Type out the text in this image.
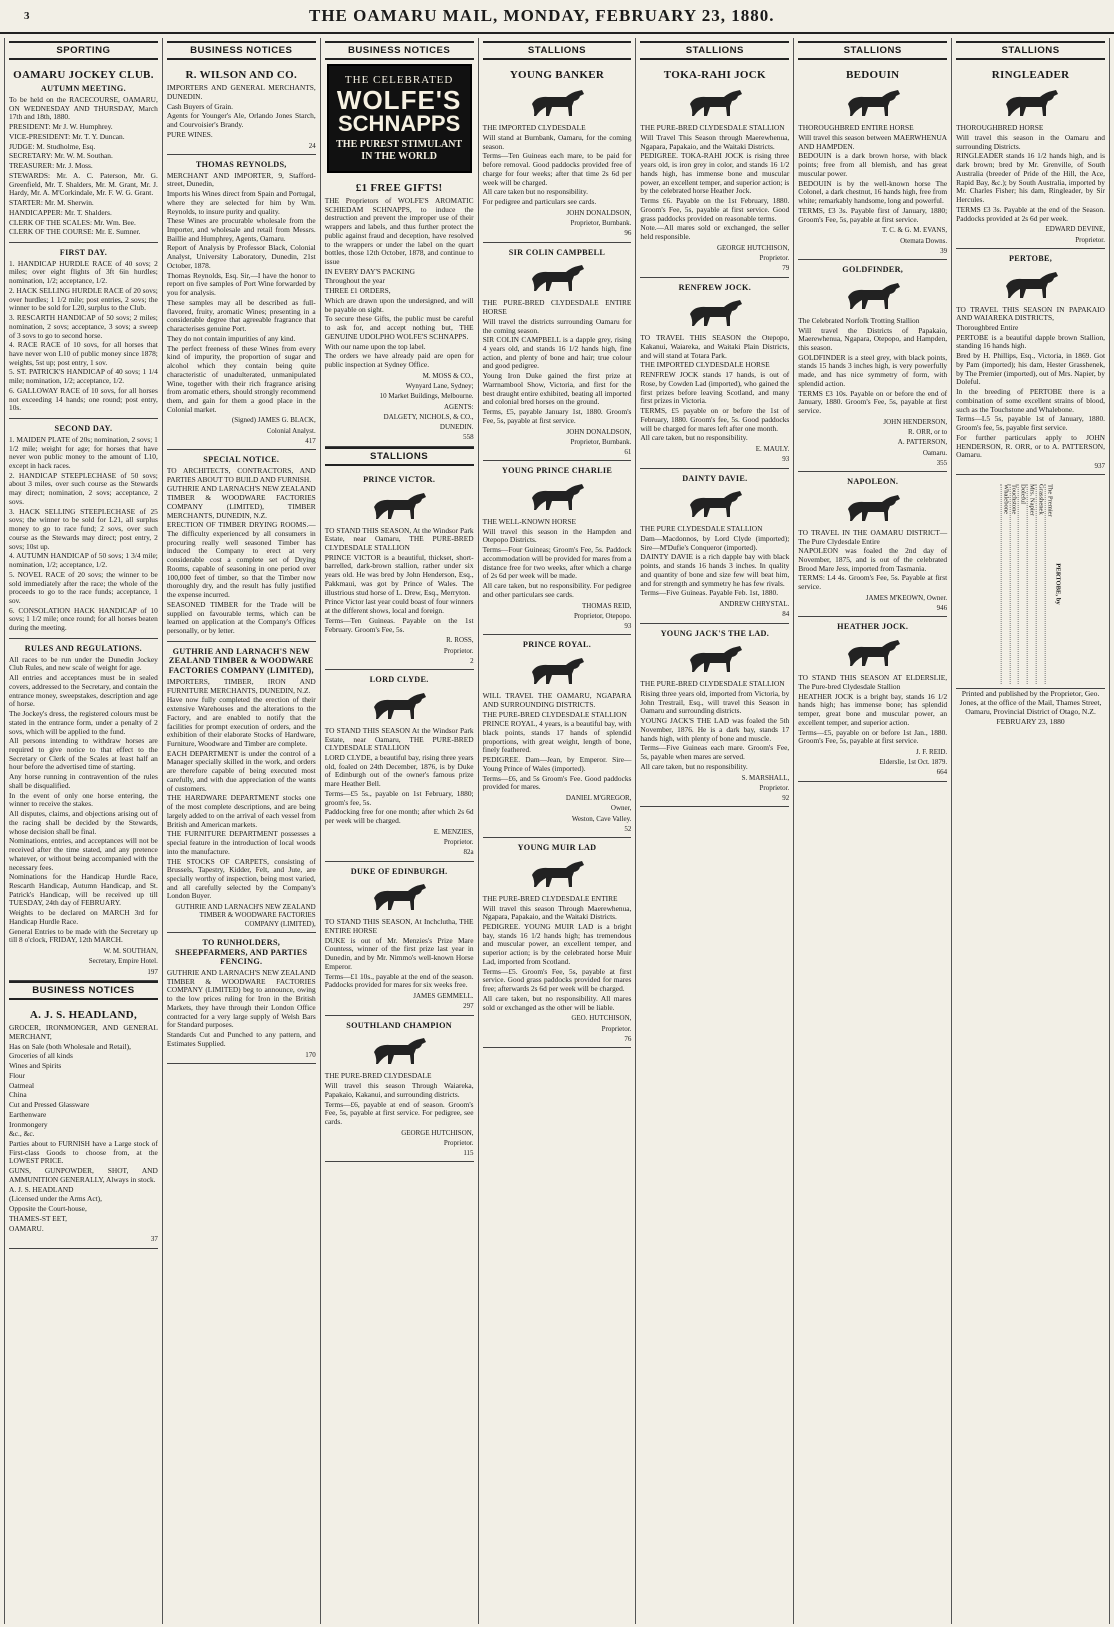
3	THE OAMARU MAIL, MONDAY, FEBRUARY 23, 1880.
SPORTING
OAMARU JOCKEY CLUB.
AUTUMN MEETING.
To be held on the RACECOURSE, OAMARU, ON WEDNESDAY AND THURSDAY, March 17th and 18th, 1880.
PRESIDENT: Mr J. W. Humphrey.
VICE-PRESIDENT: Mr. T. Y. Duncan.
JUDGE: M. Studholme, Esq.
SECRETARY: Mr. W. M. Southan.
TREASURER: Mr. J. Moss.
STEWARDS: Mr. A. C. Paterson, Mr. G. Greenfield, Mr. T. Shalders, Mr. M. Grant, Mr. J. Hardy, Mr. A. M'Corkindale, Mr. F. W. G. Grant.
STARTER: Mr. M. Sherwin.
HANDICAPPER: Mr. T. Shalders.
CLERK OF THE SCALES: Mr. Wm. Bee.
CLERK OF THE COURSE: Mr. E. Sumner.
FIRST DAY.
1. HANDICAP HURDLE RACE of 40 sovs; 2 miles; over eight flights of 3ft 6in hurdles; nomination, 1/2; acceptance, 1/2.
2. HACK SELLING HURDLE RACE of 20 sovs; over hurdles; 1 1/2 mile; post entries, 2 sovs; the winner to be sold for L20, surplus to the Club.
3. RESCARTH HANDICAP of 50 sovs; 2 miles; nomination, 2 sovs; acceptance, 3 sovs; a sweep of 3 sovs to go to second horse.
4. RACE RACE of 10 sovs, for all horses that have never won L10 of public money since 1878; weights, 5st up; post entry, 1 sov.
5. ST. PATRICK'S HANDICAP of 40 sovs; 1 1/4 mile; nomination, 1/2; acceptance, 1/2.
6. GALLOWAY RACE of 10 sovs, for all horses not exceeding 14 hands; one round; post entry, 10s.
SECOND DAY.
1. MAIDEN PLATE of 20s; nomination, 2 sovs; 1 1/2 mile; weight for age; for horses that have never won public money to the amount of L10, except in hack races.
2. HANDICAP STEEPLECHASE of 50 sovs; about 3 miles, over such course as the Stewards may direct; nomination, 2 sovs; acceptance, 2 sovs.
3. HACK SELLING STEEPLECHASE of 25 sovs; the winner to be sold for L21, all surplus money to go to race fund; 2 sovs, over such course as the Stewards may direct; post entry, 2 sovs; 10st up.
4. AUTUMN HANDICAP of 50 sovs; 1 3/4 mile; nomination, 1/2; acceptance, 1/2.
5. NOVEL RACE of 20 sovs; the winner to be sold immediately after the race; the whole of the proceeds to go to the race funds; acceptance, 1 sov.
6. CONSOLATION HACK HANDICAP of 10 sovs; 1 1/2 mile; once round; for all horses beaten during the meeting.
RULES AND REGULATIONS.
All races to be run under the Dunedin Jockey Club Rules, and new scale of weight for age.
All entries and acceptances must be in sealed covers, addressed to the Secretary, and contain the entrance money, sweepstakes, description and age of horse.
The Jockey's dress, the registered colours must be stated in the entrance form, under a penalty of 2 sovs, which will be applied to the fund.
All persons intending to withdraw horses are required to give notice to that effect to the Secretary or Clerk of the Scales at least half an hour before the advertised time of starting.
Any horse running in contravention of the rules shall be disqualified.
In the event of only one horse entering, the winner to receive the stakes.
All disputes, claims, and objections arising out of the racing shall be decided by the Stewards, whose decision shall be final.
Nominations, entries, and acceptances will not be received after the time stated, and any pretence whatever, or without being accompanied with the necessary fees.
Nominations for the Handicap Hurdle Race, Rescarth Handicap, Autumn Handicap, and St. Patrick's Handicap, will be received up till TUESDAY, 24th day of FEBRUARY.
Weights to be declared on MARCH 3rd for Handicap Hurdle Race.
General Entries to be made with the Secretary up till 8 o'clock, FRIDAY, 12th MARCH.
W. M. SOUTHAN,
Secretary, Empire Hotel.
197
BUSINESS NOTICES
A. J. S. HEADLAND,
GROCER, IRONMONGER, AND GENERAL MERCHANT,
Has on Sale (both Wholesale and Retail),
Groceries of all kinds
Wines and Spirits
Flour
Oatmeal
China
Cut and Pressed Glassware
Earthenware
Ironmongery
&c., &c.
Parties about to FURNISH have a Large stock of First-class Goods to choose from, at the LOWEST PRICE.
GUNS, GUNPOWDER, SHOT, AND AMMUNITION GENERALLY, Always in stock.
A. J. S. HEADLAND
(Licensed under the Arms Act),
Opposite the Court-house,
THAMES-ST EET,
OAMARU.
37
BUSINESS NOTICES
R. WILSON AND CO.
IMPORTERS AND GENERAL MERCHANTS, DUNEDIN.
Cash Buyers of Grain.
Agents for Younger's Ale, Orlando Jones Starch, and Courvoisier's Brandy.
PURE WINES.
24
THOMAS REYNOLDS,
MERCHANT AND IMPORTER, 9, Stafford-street, Dunedin,
Imports his Wines direct from Spain and Portugal, where they are selected for him by Wm. Reynolds, to insure purity and quality.
These Wines are procurable wholesale from the Importer, and wholesale and retail from Messrs. Baillie and Humphrey, Agents, Oamaru.
Report of Analysis by Professor Black, Colonial Analyst, University Laboratory, Dunedin, 21st October, 1878.
Thomas Reynolds, Esq. Sir,—I have the honor to report on five samples of Port Wine forwarded by you for analysis.
These samples may all be described as full-flavored, fruity, aromatic Wines; presenting in a considerable degree that agreeable fragrance that characterises genuine Port.
They do not contain impurities of any kind.
The perfect freeness of these Wines from every kind of impurity, the proportion of sugar and alcohol which they contain being quite characteristic of unadulterated, unmanipulated Wine, together with their rich fragrance arising from aromatic ethers, should strongly recommend them, and gain for them a good place in the Colonial market.
(Signed) JAMES G. BLACK,
Colonial Analyst.
417
SPECIAL NOTICE.
TO ARCHITECTS, CONTRACTORS, AND PARTIES ABOUT TO BUILD AND FURNISH.
GUTHRIE AND LARNACH'S NEW ZEALAND TIMBER & WOODWARE FACTORIES COMPANY (LIMITED), TIMBER MERCHANTS, DUNEDIN, N.Z.
ERECTION OF TIMBER DRYING ROOMS.—The difficulty experienced by all consumers in procuring really well seasoned Timber has induced the Company to erect at very considerable cost a complete set of Drying Rooms, capable of seasoning in one period over 100,000 feet of timber, so that the Timber now thoroughly dry, and the result has fully justified the expense incurred.
SEASONED TIMBER for the Trade will be supplied on favourable terms, which can be learned on application at the Company's Offices personally, or by letter.
GUTHRIE AND LARNACH'S NEW ZEALAND TIMBER & WOODWARE FACTORIES COMPANY (LIMITED),
IMPORTERS, TIMBER, IRON AND FURNITURE MERCHANTS, DUNEDIN, N.Z.
Have now fully completed the erection of their extensive Warehouses and the alterations to the Factory, and are enabled to notify that the facilities for prompt execution of orders, and the exhibition of their elaborate Stocks of Hardware, Furniture, Woodware and Timber are complete.
EACH DEPARTMENT is under the control of a Manager specially skilled in the work, and orders are therefore capable of being executed most carefully, and with due appreciation of the wants of customers.
THE HARDWARE DEPARTMENT stocks one of the most complete descriptions, and are being largely added to on the arrival of each vessel from British and American markets.
THE FURNITURE DEPARTMENT possesses a special feature in the introduction of local woods into the manufacture.
THE STOCKS OF CARPETS, consisting of Brussels, Tapestry, Kidder, Felt, and Jute, are specially worthy of inspection, being most varied, and all carefully selected by the Company's London Buyer.
GUTHRIE AND LARNACH'S NEW ZEALAND TIMBER & WOODWARE FACTORIES COMPANY (LIMITED),
TO RUNHOLDERS, SHEEPFARMERS, AND PARTIES FENCING.
GUTHRIE AND LARNACH'S NEW ZEALAND TIMBER & WOODWARE FACTORIES COMPANY (LIMITED) beg to announce, owing to the low prices ruling for Iron in the British Markets, they have through their London Office contracted for a very large supply of Welsh Bars for Standard purposes.
Standards Cut and Punched to any pattern, and Estimates Supplied.
170
BUSINESS NOTICES
THE CELEBRATED
WOLFE'S
SCHNAPPS
THE PUREST STIMULANT IN THE WORLD
£1 FREE GIFTS!
THE Proprietors of WOLFE'S AROMATIC SCHIEDAM SCHNAPPS, to induce the destruction and prevent the improper use of their wrappers and labels, and thus further protect the public against fraud and deception, have resolved to the wrappers or under the label on the quart bottles, those 12th October, 1878, and continue to issue
IN EVERY DAY'S PACKING
Throughout the year
THREE £1 ORDERS,
Which are drawn upon the undersigned, and will be payable on sight.
To secure these Gifts, the public must be careful to ask for, and accept nothing but, THE GENUINE UDOLPHO WOLFE'S SCHNAPPS.
With our name upon the top label.
The orders we have already paid are open for public inspection at Sydney Office.
M. MOSS & CO.,
Wynyard Lane, Sydney;
10 Market Buildings, Melbourne.
AGENTS:
DALGETY, NICHOLS, & CO.,
DUNEDIN.
558
STALLIONS
PRINCE VICTOR.
TO STAND THIS SEASON, At the Windsor Park Estate, near Oamaru, THE PURE-BRED CLYDESDALE STALLION
PRINCE VICTOR is a beautiful, thickset, short-barrelled, dark-brown stallion, rather under six years old. He was bred by John Henderson, Esq., Pakkmaui, was got by Prince of Wales. The illustrious stud horse of L. Drew, Esq., Merryton.
Prince Victor last year could boast of four winners at the different shows, local and foreign.
Terms—Ten Guineas. Payable on the 1st February. Groom's Fee, 5s.
R. ROSS,
Proprietor.
2
LORD CLYDE.
TO STAND THIS SEASON At the Windsor Park Estate, near Oamaru, THE PURE-BRED CLYDESDALE STALLION
LORD CLYDE, a beautiful bay, rising three years old, foaled on 24th December, 1876, is by Duke of Edinburgh out of the owner's famous prize mare Heather Bell.
Terms—£5 5s., payable on 1st February, 1880; groom's fee, 5s.
Paddocking free for one month; after which 2s 6d per week will be charged.
E. MENZIES,
Proprietor.
82a
DUKE OF EDINBURGH.
TO STAND THIS SEASON, At Inchclutha, THE ENTIRE HORSE
DUKE is out of Mr. Menzies's Prize Mare Countess, winner of the first prize last year in Dunedin, and by Mr. Nimmo's well-known Horse Emperor.
Terms—£1 10s., payable at the end of the season. Paddocks provided for mares for six weeks free.
JAMES GEMMELL.
297
SOUTHLAND CHAMPION
THE PURE-BRED CLYDESDALE
Will travel this season Through Waiareka, Papakaio, Kakanui, and surrounding districts.
Terms—£6, payable at end of season. Groom's Fee, 5s, payable at first service. For pedigree, see cards.
GEORGE HUTCHISON,
Proprietor.
115
STALLIONS
YOUNG BANKER
THE IMPORTED CLYDESDALE
Will stand at Burnbank, Oamaru, for the coming season.
Terms—Ten Guineas each mare, to be paid for before removal. Good paddocks provided free of charge for four weeks; after that time 2s 6d per week will be charged.
All care taken but no responsibility.
For pedigree and particulars see cards.
JOHN DONALDSON,
Proprietor, Burnbank.
96
SIR COLIN CAMPBELL
THE PURE-BRED CLYDESDALE ENTIRE HORSE
Will travel the districts surrounding Oamaru for the coming season.
SIR COLIN CAMPBELL is a dapple grey, rising 4 years old, and stands 16 1/2 hands high, fine action, and plenty of bone and hair; true colour and good pedigree.
Young Iron Duke gained the first prize at Warrnambool Show, Victoria, and first for the best draught entire exhibited, beating all imported and colonial bred horses on the ground.
Terms, £5, payable January 1st, 1880. Groom's Fee, 5s, payable at first service.
JOHN DONALDSON,
Proprietor, Burnbank.
61
YOUNG PRINCE CHARLIE
THE WELL-KNOWN HORSE
Will travel this season in the Hampden and Otepopo Districts.
Terms—Four Guineas; Groom's Fee, 5s. Paddock accommodation will be provided for mares from a distance free for two weeks, after which a charge of 2s 6d per week will be made.
All care taken, but no responsibility. For pedigree and other particulars see cards.
THOMAS REID,
Proprietor, Otepopo.
93
PRINCE ROYAL.
WILL TRAVEL THE OAMARU, NGAPARA AND SURROUNDING DISTRICTS.
THE PURE-BRED CLYDESDALE STALLION
PRINCE ROYAL, 4 years, is a beautiful bay, with black points, stands 17 hands of splendid proportions, with great weight, length of bone, finely feathered.
PEDIGREE. Dam—Jean, by Emperor. Sire—Young Prince of Wales (imported).
Terms—£6, and 5s Groom's Fee. Good paddocks provided for mares.
DANIEL M'GREGOR,
Owner,
Weston, Cave Valley.
52
YOUNG MUIR LAD
THE PURE-BRED CLYDESDALE ENTIRE
Will travel this season Through Maerewhenua, Ngapara, Papakaio, and the Waitaki Districts.
PEDIGREE. YOUNG MUIR LAD is a bright bay, stands 16 1/2 hands high; has tremendous and muscular power, an excellent temper, and superior action; is by the celebrated horse Muir Lad, imported from Scotland.
Terms—£5. Groom's Fee, 5s, payable at first service. Good grass paddocks provided for mares free; afterwards 2s 6d per week will be charged.
All care taken, but no responsibility. All mares sold or exchanged as the other will be liable.
GEO. HUTCHISON,
Proprietor.
76
STALLIONS
TOKA-RAHI JOCK
THE PURE-BRED CLYDESDALE STALLION
Will Travel This Season through Maerewhenua, Ngapara, Papakaio, and the Waitaki Districts.
PEDIGREE. TOKA-RAHI JOCK is rising three years old, is iron grey in color, and stands 16 1/2 hands high, has immense bone and muscular power, an excellent temper, and superior action; is by the celebrated horse Heather Jock.
Terms £6. Payable on the 1st February, 1880. Groom's Fee, 5s, payable at first service. Good grass paddocks provided on reasonable terms.
Note.—All mares sold or exchanged, the seller held responsible.
GEORGE HUTCHISON,
Proprietor.
79
RENFREW JOCK.
TO TRAVEL THIS SEASON the Otepopo, Kakanui, Waiareka, and Waitaki Plain Districts, and will stand at Totara Park.
THE IMPORTED CLYDESDALE HORSE
RENFREW JOCK stands 17 hands, is out of Rose, by Cowden Lad (imported), who gained the first prizes before leaving Scotland, and many first prizes in Victoria.
TERMS, £5 payable on or before the 1st of February, 1880. Groom's fee, 5s. Good paddocks will be charged for mares left after one month.
All care taken, but no responsibility.
E. MAULY.
93
DAINTY DAVIE.
THE PURE CLYDESDALE STALLION
Dam—Macdonnos, by Lord Clyde (imported); Sire—M'Dufie's Conqueror (imported).
DAINTY DAVIE is a rich dapple bay with black points, and stands 16 hands 3 inches. In quality and quantity of bone and size few will beat him, and for strength and symmetry he has few rivals.
Terms—Five Guineas. Payable Feb. 1st, 1880.
ANDREW CHRYSTAL.
84
YOUNG JACK'S THE LAD.
THE PURE-BRED CLYDESDALE STALLION
Rising three years old, imported from Victoria, by John Trestrail, Esq., will travel this Season in Oamaru and surrounding districts.
YOUNG JACK'S THE LAD was foaled the 5th November, 1876. He is a dark bay, stands 17 hands high, with plenty of bone and muscle.
Terms—Five Guineas each mare. Groom's Fee, 5s, payable when mares are served.
All care taken, but no responsibility.
S. MARSHALL,
Proprietor.
92
STALLIONS
BEDOUIN
THOROUGHBRED ENTIRE HORSE
Will travel this season between MAERWHENUA AND HAMPDEN.
BEDOUIN is a dark brown horse, with black points; free from all blemish, and has great muscular power.
BEDOUIN is by the well-known horse The Colonel, a dark chestnut, 16 hands high, free from white; remarkably handsome, long and powerful.
TERMS, £3 3s. Payable first of January, 1880; Groom's Fee, 5s, payable at first service.
T. C. & G. M. EVANS,
Otemata Downs.
39
GOLDFINDER,
The Celebrated Norfolk Trotting Stallion
Will travel the Districts of Papakaio, Maerewhenua, Ngapara, Otepopo, and Hampden, this season.
GOLDFINDER is a steel grey, with black points, stands 15 hands 3 inches high, is very powerfully made, and has nice symmetry of form, with splendid action.
TERMS £3 10s. Payable on or before the end of January, 1880. Groom's Fee, 5s, payable at first service.
JOHN HENDERSON,
R. ORR, or to
A. PATTERSON,
Oamaru.
355
NAPOLEON.
TO TRAVEL IN THE OAMARU DISTRICT—The Pure Clydesdale Entire
NAPOLEON was foaled the 2nd day of November, 1875, and is out of the celebrated Brood Mare Jess, imported from Tasmania.
TERMS: L4 4s. Groom's Fee, 5s. Payable at first service.
JAMES M'KEOWN, Owner.
946
HEATHER JOCK.
TO STAND THIS SEASON AT ELDERSLIE, The Pure-bred Clydesdale Stallion
HEATHER JOCK is a bright bay, stands 16 1/2 hands high; has immense bone; has splendid temper, great bone and muscular power, an excellent temper, and superior action.
Terms—£5, payable on or before 1st Jan., 1880. Groom's Fee, 5s, payable at first service.
J. F. REID.
Elderslie, 1st Oct. 1879.
664
STALLIONS
RINGLEADER
THOROUGHBRED HORSE
Will travel this season in the Oamaru and surrounding Districts.
RINGLEADER stands 16 1/2 hands high, and is dark brown; bred by Mr. Grenville, of South Australia (breeder of Pride of the Hill, the Ace, Rapid Bay, &c.); by South Australia, imported by Mr. Charles Fisher; his dam, Ringleader, by Sir Hercules.
TERMS £3 3s. Payable at the end of the Season. Paddocks provided at 2s 6d per week.
EDWARD DEVINE,
Proprietor.
PERTOBE,
TO TRAVEL THIS SEASON IN PAPAKAIO AND WAIAREKA DISTRICTS,
Thoroughbred Entire
PERTOBE is a beautiful dapple brown Stallion, standing 16 hands high.
Bred by H. Phillips, Esq., Victoria, in 1869. Got by Pam (imported); his dam, Hester Grasshenek, by The Premier (imported), out of Mrs. Napier, by Doleful.
In the breeding of PERTOBE there is a combination of some excellent strains of blood, such as the Touchstone and Whalebone.
Terms—L5 5s, payable 1st of January, 1880. Groom's fee, 5s, payable first service.
For further particulars apply to JOHN HENDERSON, R. ORR, or to A. PATTERSON, Oamaru.
937
PERTOBE, by
The Premier
Grasshenek
Mrs. Napier
Doleful
Touchstone
Whalebone
Printed and published by the Proprietor, Geo. Jones, at the office of the Mail, Thames Street, Oamaru, Provincial District of Otago, N.Z.
FEBRUARY 23, 1880
